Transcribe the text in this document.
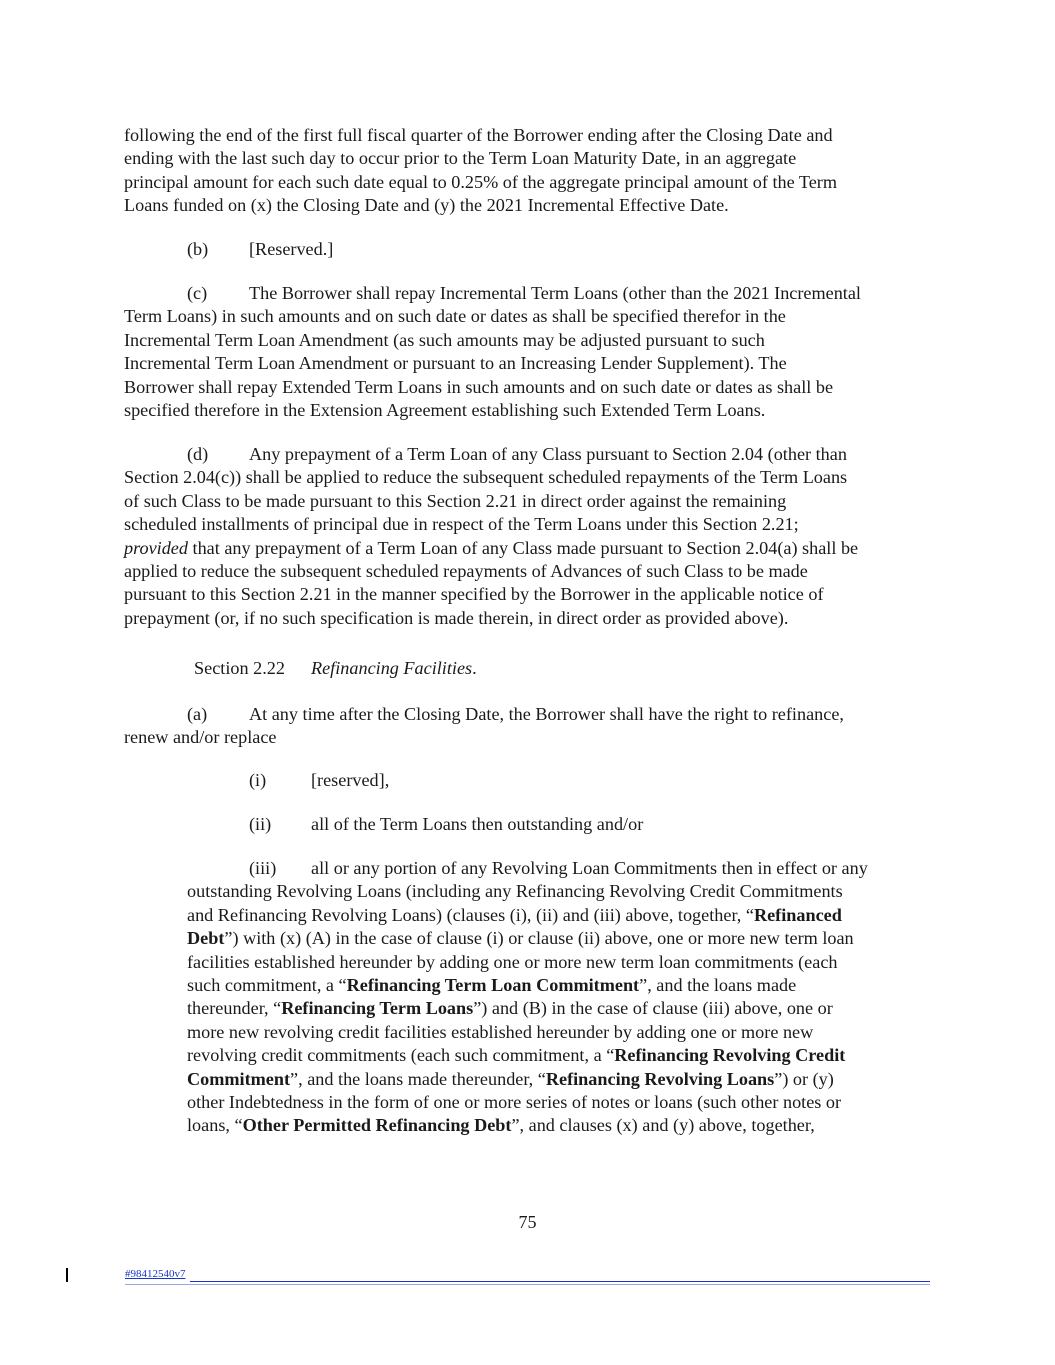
following the end of the first full fiscal quarter of the Borrower ending after the Closing Date and
ending with the last such day to occur prior to the Term Loan Maturity Date, in an aggregate
principal amount for each such date equal to 0.25% of the aggregate principal amount of the Term
Loans funded on (x) the Closing Date and (y) the 2021 Incremental Effective Date.
(b) [Reserved.]
(c) The Borrower shall repay Incremental Term Loans (other than the 2021 Incremental
Term Loans) in such amounts and on such date or dates as shall be specified therefor in the
Incremental Term Loan Amendment (as such amounts may be adjusted pursuant to such
Incremental Term Loan Amendment or pursuant to an Increasing Lender Supplement). The
Borrower shall repay Extended Term Loans in such amounts and on such date or dates as shall be
specified therefore in the Extension Agreement establishing such Extended Term Loans.
(d) Any prepayment of a Term Loan of any Class pursuant to Section 2.04 (other than
Section 2.04(c)) shall be applied to reduce the subsequent scheduled repayments of the Term Loans
of such Class to be made pursuant to this Section 2.21 in direct order against the remaining
scheduled installments of principal due in respect of the Term Loans under this Section 2.21;
provided that any prepayment of a Term Loan of any Class made pursuant to Section 2.04(a) shall be
applied to reduce the subsequent scheduled repayments of Advances of such Class to be made
pursuant to this Section 2.21 in the manner specified by the Borrower in the applicable notice of
prepayment (or, if no such specification is made therein, in direct order as provided above).
Section 2.22 Refinancing Facilities.
(a) At any time after the Closing Date, the Borrower shall have the right to refinance,
renew and/or replace
(i) [reserved],
(ii) all of the Term Loans then outstanding and/or
(iii) all or any portion of any Revolving Loan Commitments then in effect or any
outstanding Revolving Loans (including any Refinancing Revolving Credit Commitments
and Refinancing Revolving Loans) (clauses (i), (ii) and (iii) above, together, “Refinanced
Debt”) with (x) (A) in the case of clause (i) or clause (ii) above, one or more new term loan
facilities established hereunder by adding one or more new term loan commitments (each
such commitment, a “Refinancing Term Loan Commitment”, and the loans made
thereunder, “Refinancing Term Loans”) and (B) in the case of clause (iii) above, one or
more new revolving credit facilities established hereunder by adding one or more new
revolving credit commitments (each such commitment, a “Refinancing Revolving Credit
Commitment”, and the loans made thereunder, “Refinancing Revolving Loans”) or (y)
other Indebtedness in the form of one or more series of notes or loans (such other notes or
loans, “Other Permitted Refinancing Debt”, and clauses (x) and (y) above, together,
75
#98412540v7
